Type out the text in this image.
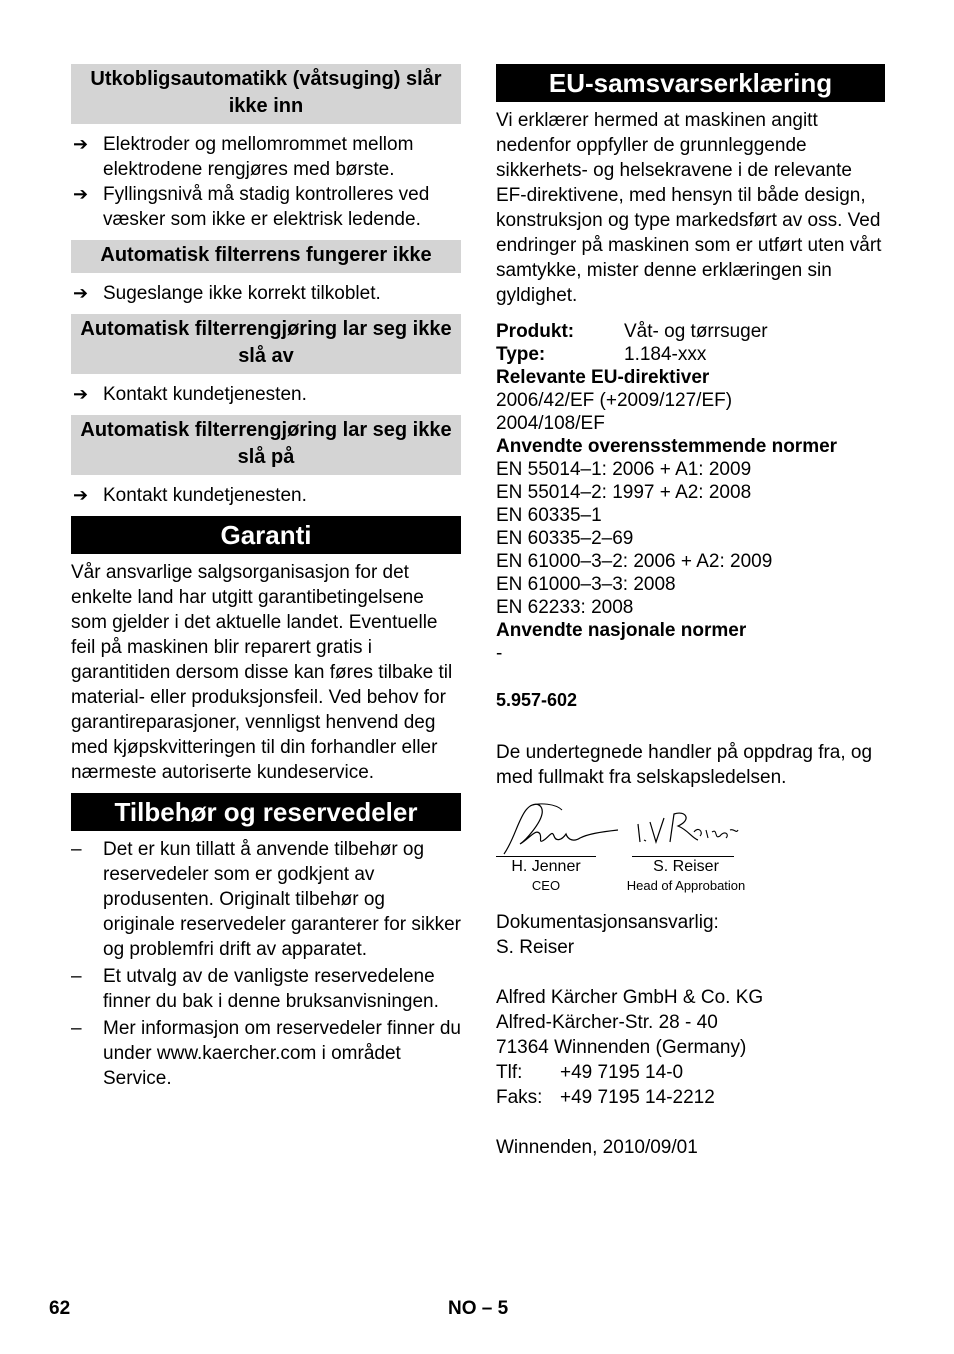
Utkobligsautomatikk (våtsuging) slår ikke inn
➔ Elektroder og mellomrommet mellom elektrodene rengjøres med børste.
➔ Fyllingsnivå må stadig kontrolleres ved væsker som ikke er elektrisk ledende.
Automatisk filterrens fungerer ikke
➔ Sugeslange ikke korrekt tilkoblet.
Automatisk filterrengjøring lar seg ikke slå av
➔ Kontakt kundetjenesten.
Automatisk filterrengjøring lar seg ikke slå på
➔ Kontakt kundetjenesten.
Garanti

Vår ansvarlige salgsorganisasjon for det enkelte land har utgitt garantibetingelsene som gjelder i det aktuelle landet. Eventuelle feil på maskinen blir reparert gratis i garantitiden dersom disse kan føres tilbake til material- eller produksjonsfeil. Ved behov for garantireparasjoner, vennligst henvend deg med kjøpskvitteringen til din forhandler eller nærmeste autoriserte kundeservice.

Tilbehør og reservedeler
– Det er kun tillatt å anvende tilbehør og reservedeler som er godkjent av produsenten. Originalt tilbehør og originale reservedeler garanterer for sikker og problemfri drift av apparatet.
– Et utvalg av de vanligste reservedelene finner du bak i denne bruksanvisningen.
– Mer informasjon om reservedeler finner du under www.kaercher.com i området Service.
EU-samsvarserklæring

Vi erklærer hermed at maskinen angitt nedenfor oppfyller de grunnleggende sikkerhets- og helsekravene i de relevante EF-direktivene, med hensyn til både design, konstruksjon og type markedsført av oss. Ved endringer på maskinen som er utført uten vårt samtykke, mister denne erklæringen sin gyldighet.

Produkt:	Våt- og tørrsuger
Type:	1.184-xxx
Relevante EU-direktiver
2006/42/EF (+2009/127/EF)
2004/108/EF
Anvendte overensstemmende normer
EN 55014–1: 2006 + A1: 2009
EN 55014–2: 1997 + A2: 2008
EN 60335–1
EN 60335–2–69
EN 61000–3–2: 2006 + A2: 2009
EN 61000–3–3: 2008
EN 62233: 2008
Anvendte nasjonale normer
-
5.957-602

De undertegnede handler på oppdrag fra, og med fullmakt fra selskapsledelsen.

H. Jenner
CEO
S. Reiser
Head of Approbation
Dokumentasjonsansvarlig:
S. Reiser
Alfred Kärcher GmbH & Co. KG
Alfred-Kärcher-Str. 28 - 40
71364 Winnenden (Germany)
Tlf: +49 7195 14-0
Faks: +49 7195 14-2212
Winnenden, 2010/09/01
62	NO – 5
